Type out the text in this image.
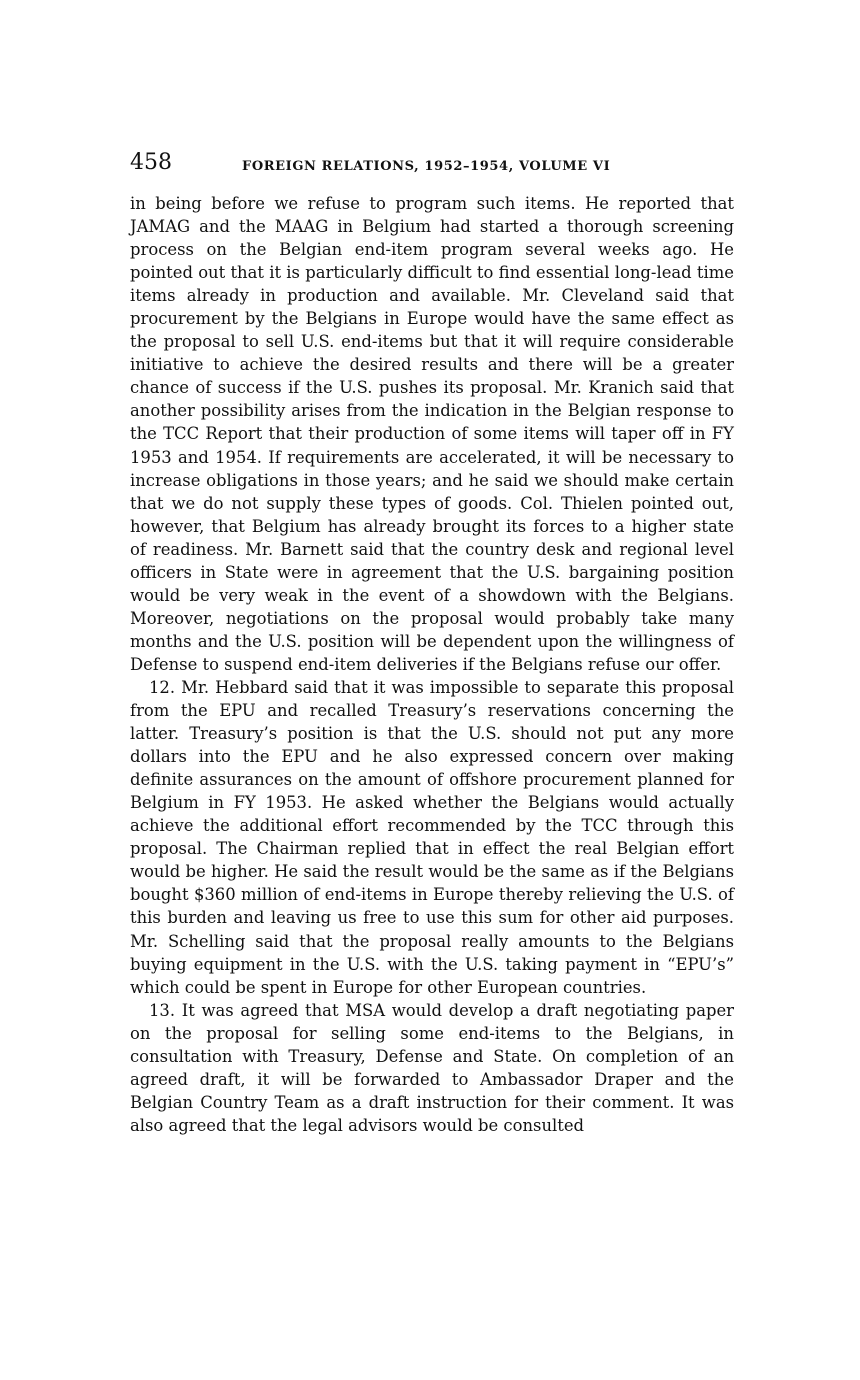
458	FOREIGN RELATIONS, 1952–1954, VOLUME VI

in being before we refuse to program such items. He reported that JAMAG and the MAAG in Belgium had started a thorough screening process on the Belgian end-item program several weeks ago. He pointed out that it is particularly difficult to find essential long-lead time items already in production and available. Mr. Cleveland said that procurement by the Belgians in Europe would have the same effect as the proposal to sell U.S. end-items but that it will require considerable initiative to achieve the desired results and there will be a greater chance of success if the U.S. pushes its proposal. Mr. Kranich said that another possibility arises from the indication in the Belgian response to the TCC Report that their production of some items will taper off in FY 1953 and 1954. If requirements are accelerated, it will be necessary to increase obligations in those years; and he said we should make certain that we do not supply these types of goods. Col. Thielen pointed out, however, that Belgium has already brought its forces to a higher state of readiness. Mr. Barnett said that the country desk and regional level officers in State were in agreement that the U.S. bargaining position would be very weak in the event of a showdown with the Belgians. Moreover, negotiations on the proposal would probably take many months and the U.S. position will be dependent upon the willingness of Defense to suspend end-item deliveries if the Belgians refuse our offer.

12. Mr. Hebbard said that it was impossible to separate this proposal from the EPU and recalled Treasury’s reservations concerning the latter. Treasury’s position is that the U.S. should not put any more dollars into the EPU and he also expressed concern over making definite assurances on the amount of offshore procurement planned for Belgium in FY 1953. He asked whether the Belgians would actually achieve the additional effort recommended by the TCC through this proposal. The Chairman replied that in effect the real Belgian effort would be higher. He said the result would be the same as if the Belgians bought $360 million of end-items in Europe thereby relieving the U.S. of this burden and leaving us free to use this sum for other aid purposes. Mr. Schelling said that the proposal really amounts to the Belgians buying equipment in the U.S. with the U.S. taking payment in “EPU’s” which could be spent in Europe for other European countries.

13. It was agreed that MSA would develop a draft negotiating paper on the proposal for selling some end-items to the Belgians, in consultation with Treasury, Defense and State. On completion of an agreed draft, it will be forwarded to Ambassador Draper and the Belgian Country Team as a draft instruction for their comment. It was also agreed that the legal advisors would be consulted
